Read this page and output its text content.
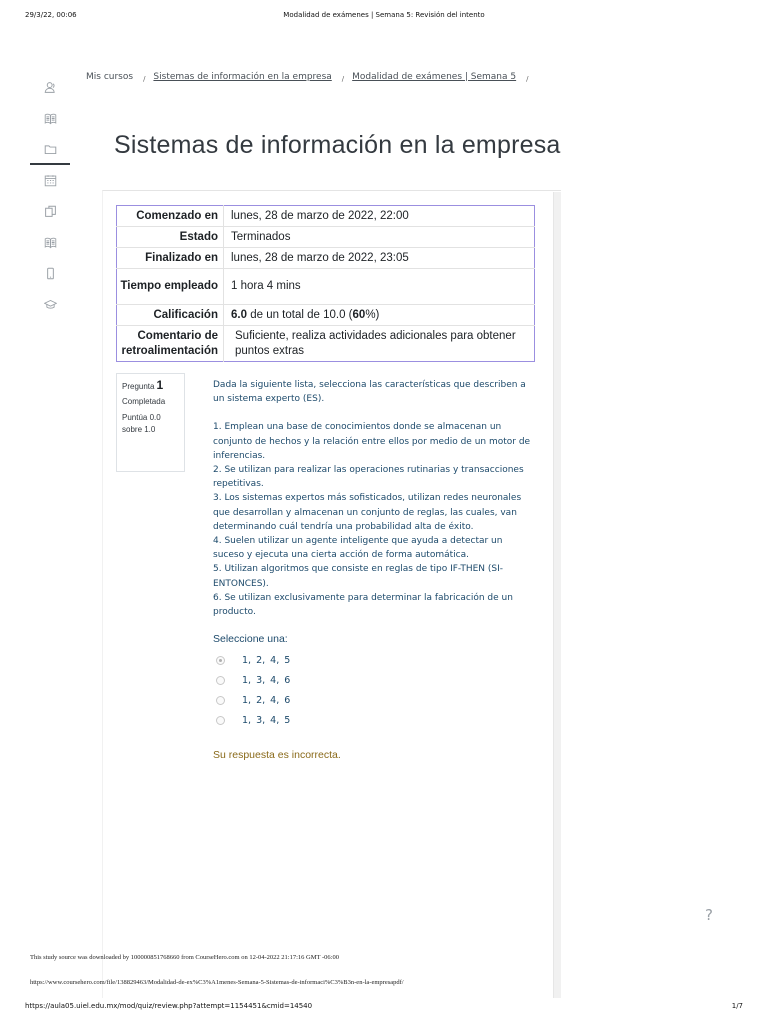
29/3/22, 00:06	Modalidad de exámenes | Semana 5: Revisión del intento
Mis cursos $_/$ Sistemas de información en la empresa $_/$ Modalidad de exámenes | Semana 5 $_/$
Sistemas de información en la empresa
Comenzado en	lunes, 28 de marzo de 2022, 22:00
Estado	Terminados
Finalizado en	lunes, 28 de marzo de 2022, 23:05
Tiempo empleado	1 hora 4 mins
Calificación	6.0 de un total de 10.0 (60%)
Comentario de retroalimentación	Suficiente, realiza actividades adicionales para obtener puntos extras
Pregunta 1
Completada
Puntúa 0.0 sobre 1.0

Dada la siguiente lista, selecciona las características que describen a un sistema experto (ES).

1. Emplean una base de conocimientos donde se almacenan un conjunto de hechos y la relación entre ellos por medio de un motor de inferencias.

2. Se utilizan para realizar las operaciones rutinarias y transacciones repetitivas.

3. Los sistemas expertos más sofisticados, utilizan redes neuronales que desarrollan y almacenan un conjunto de reglas, las cuales, van determinando cuál tendría una probabilidad alta de éxito.

4. Suelen utilizar un agente inteligente que ayuda a detectar un suceso y ejecuta una cierta acción de forma automática.

5. Utilizan algoritmos que consiste en reglas de tipo IF-THEN (SI-ENTONCES).

6. Se utilizan exclusivamente para determinar la fabricación de un producto.

Seleccione una:
1, 2, 4, 5
1, 3, 4, 6
1, 2, 4, 6
1, 3, 4, 5
Su respuesta es incorrecta.
?
This study source was downloaded by 100000851768660 from CourseHero.com on 12-04-2022 21:17:16 GMT -06:00
https://www.coursehero.com/file/138829463/Modalidad-de-ex%C3%A1menes-Semana-5-Sistemas-de-informaci%C3%B3n-en-la-empresapdf/
https://aula05.uiel.edu.mx/mod/quiz/review.php?attempt=1154451&cmid=14540	1/7
